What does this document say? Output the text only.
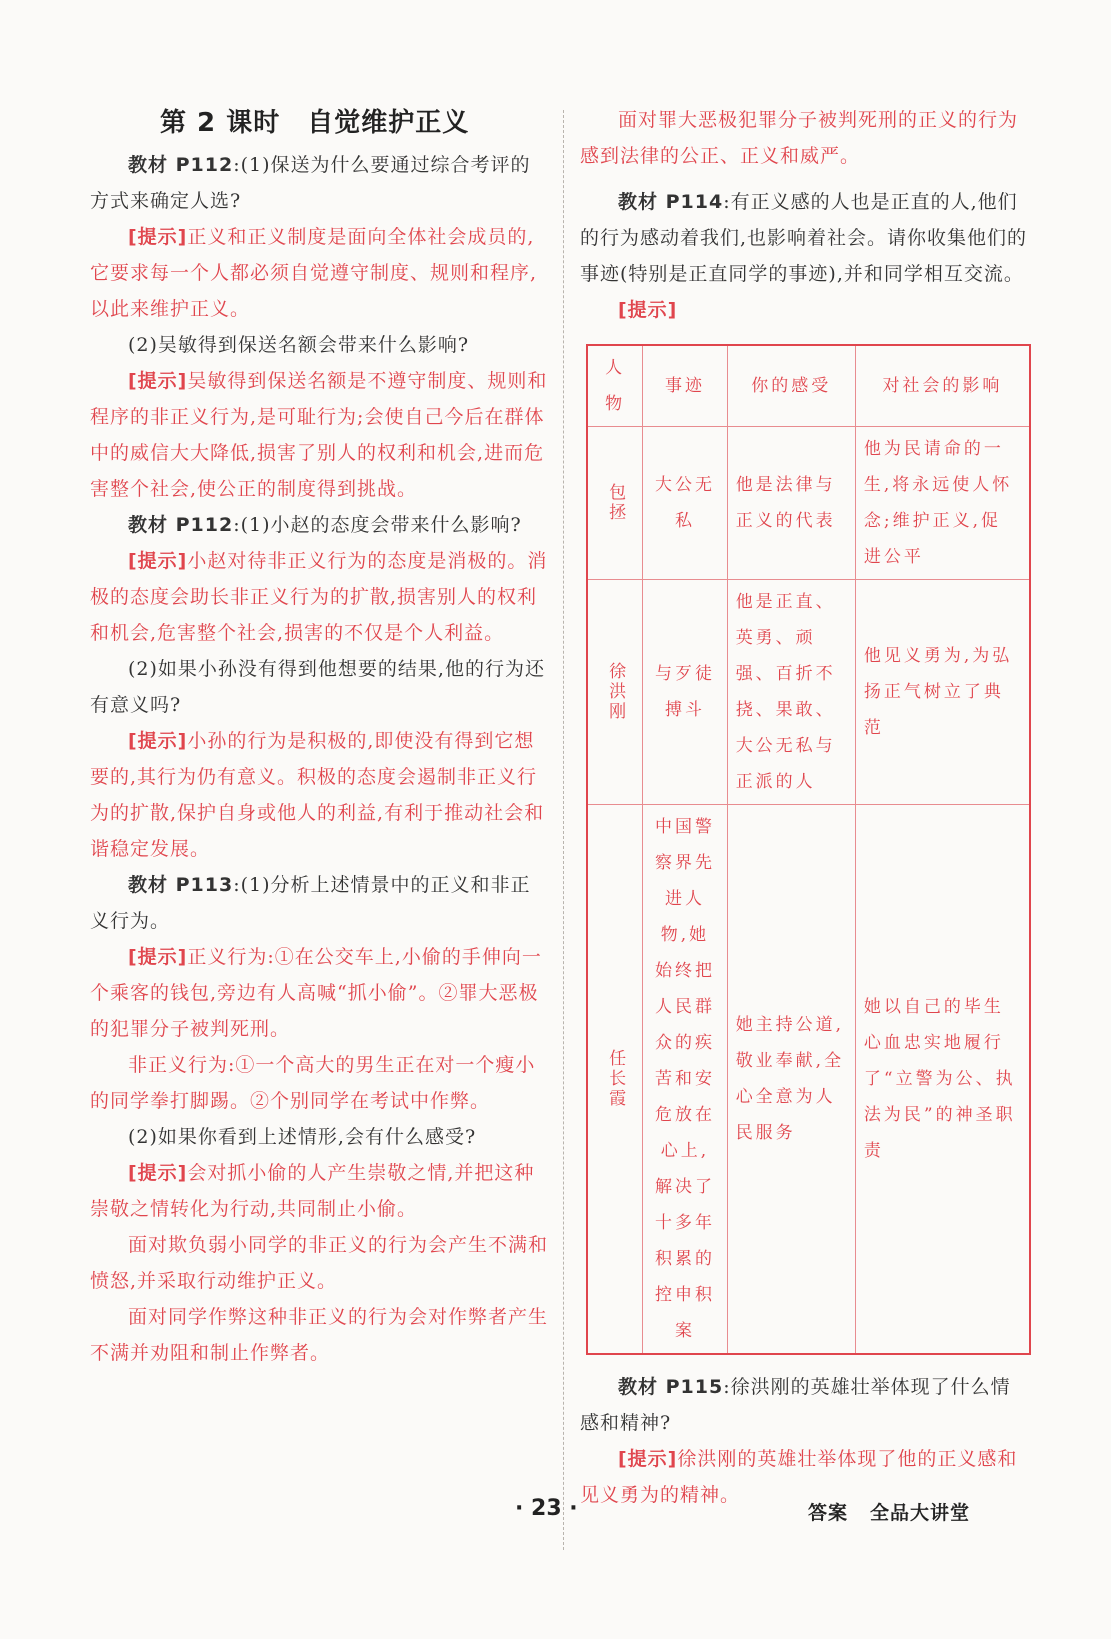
第 2 课时　自觉维护正义

教材 P112:(1)保送为什么要通过综合考评的方式来确定人选?

[提示]正义和正义制度是面向全体社会成员的,它要求每一个人都必须自觉遵守制度、规则和程序,以此来维护正义。

(2)吴敏得到保送名额会带来什么影响?

[提示]吴敏得到保送名额是不遵守制度、规则和程序的非正义行为,是可耻行为;会使自己今后在群体中的威信大大降低,损害了别人的权利和机会,进而危害整个社会,使公正的制度得到挑战。

教材 P112:(1)小赵的态度会带来什么影响?

[提示]小赵对待非正义行为的态度是消极的。消极的态度会助长非正义行为的扩散,损害别人的权利和机会,危害整个社会,损害的不仅是个人利益。

(2)如果小孙没有得到他想要的结果,他的行为还有意义吗?

[提示]小孙的行为是积极的,即使没有得到它想要的,其行为仍有意义。积极的态度会遏制非正义行为的扩散,保护自身或他人的利益,有利于推动社会和谐稳定发展。

教材 P113:(1)分析上述情景中的正义和非正义行为。

[提示]正义行为:①在公交车上,小偷的手伸向一个乘客的钱包,旁边有人高喊“抓小偷”。②罪大恶极的犯罪分子被判死刑。

非正义行为:①一个高大的男生正在对一个瘦小的同学拳打脚踢。②个别同学在考试中作弊。

(2)如果你看到上述情形,会有什么感受?

[提示]会对抓小偷的人产生崇敬之情,并把这种崇敬之情转化为行动,共同制止小偷。

面对欺负弱小同学的非正义的行为会产生不满和愤怒,并采取行动维护正义。

面对同学作弊这种非正义的行为会对作弊者产生不满并劝阻和制止作弊者。

面对罪大恶极犯罪分子被判死刑的正义的行为感到法律的公正、正义和威严。

教材 P114:有正义感的人也是正直的人,他们的行为感动着我们,也影响着社会。请你收集他们的事迹(特别是正直同学的事迹),并和同学相互交流。

[提示]

人物	事迹	你的感受	对社会的影响
包拯	大公无私	他是法律与正义的代表	他为民请命的一生,将永远使人怀念;维护正义,促进公平
徐洪刚	与歹徒搏斗	他是正直、英勇、顽强、百折不挠、果敢、大公无私与正派的人	他见义勇为,为弘扬正气树立了典范
任长霞	中国警察界先进人物,她始终把人民群众的疾苦和安危放在心上,解决了十多年积累的控申积案	她主持公道,敬业奉献,全心全意为人民服务	她以自己的毕生心血忠实地履行了“立警为公、执法为民”的神圣职责

教材 P115:徐洪刚的英雄壮举体现了什么情感和精神?

[提示]徐洪刚的英雄壮举体现了他的正义感和见义勇为的精神。

· 23 ·	答案 全品大讲堂
